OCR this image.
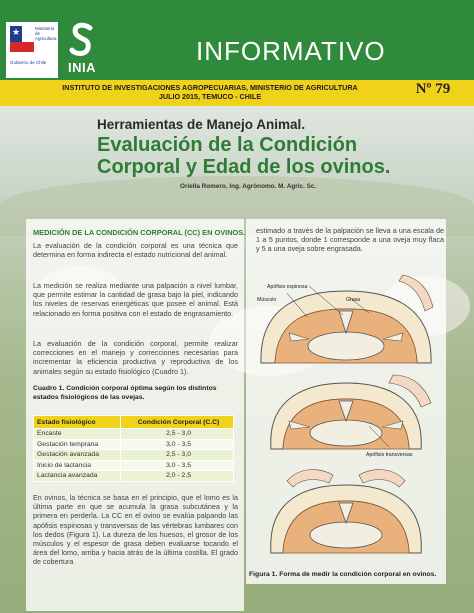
★	Ministerio de
Agricultura
Gobierno de Chile	INIA
INFORMATIVO
INSTITUTO DE INVESTIGACIONES AGROPECUARIAS, MINISTERIO DE AGRICULTURA
JULIO 2015, TEMUCO - CHILE	Nº 79
Herramientas de Manejo Animal.
Evaluación de la Condición
Corporal y Edad de los ovinos.
Oriella Romero, Ing. Agrónomo. M. Agric. Sc.
MEDICIÓN DE LA CONDICIÓN CORPORAL (CC) EN OVINOS.
La evaluación de la condición corporal es una técnica que determina en forma indirecta el estado nutricional del animal.
La medición se realiza mediante una palpación a nivel lumbar, que permite estimar la cantidad de grasa bajo la piel, indicando los niveles de reservas energéticas que posee el animal. Está relacionado en forma positiva con el estado de engrasamiento.
La evaluación de la condición corporal, permite realizar correcciones en el manejo y correcciones necesarias para incrementar la eficiencia productiva y reproductiva de los animales según su estado fisiológico (Cuadro 1).
Cuadro 1. Condición corporal óptima según los distintos estados fisiológicos de las ovejas.
Estado fisiológico	Condición Corporal (C.C)
Encaste	2,5 - 3,0
Gestación temprana	3,0 - 3,5
Gestación avanzada	2,5 - 3,0
Inicio de lactancia	3,0 - 3,5
Lactancia avanzada	2,0 - 2,5
En ovinos, la técnica se basa en el principio, que el lomo es la última parte en que se acumula la grasa subcutánea y la primera en perderla. La CC en el ovino se evalúa palpando las apófisis espinosas y transversas de las vértebras lumbares con los dedos (Figura 1). La dureza de los huesos, el grosor de los músculos y el espesor de grasa deben evaluarse tocando el área del lomo, arriba y hacia atrás de la última costilla. El grado de cobertura
estimado a través de la palpación se lleva a una escala de 1 a 5 puntos, donde 1 corresponde a una oveja muy flaca y 5 a una oveja sobre engrasada.
Apófisis espinosa
Músculo	Grasa
Apófisis transversas
Figura 1. Forma de medir la condición corporal en ovinos.
